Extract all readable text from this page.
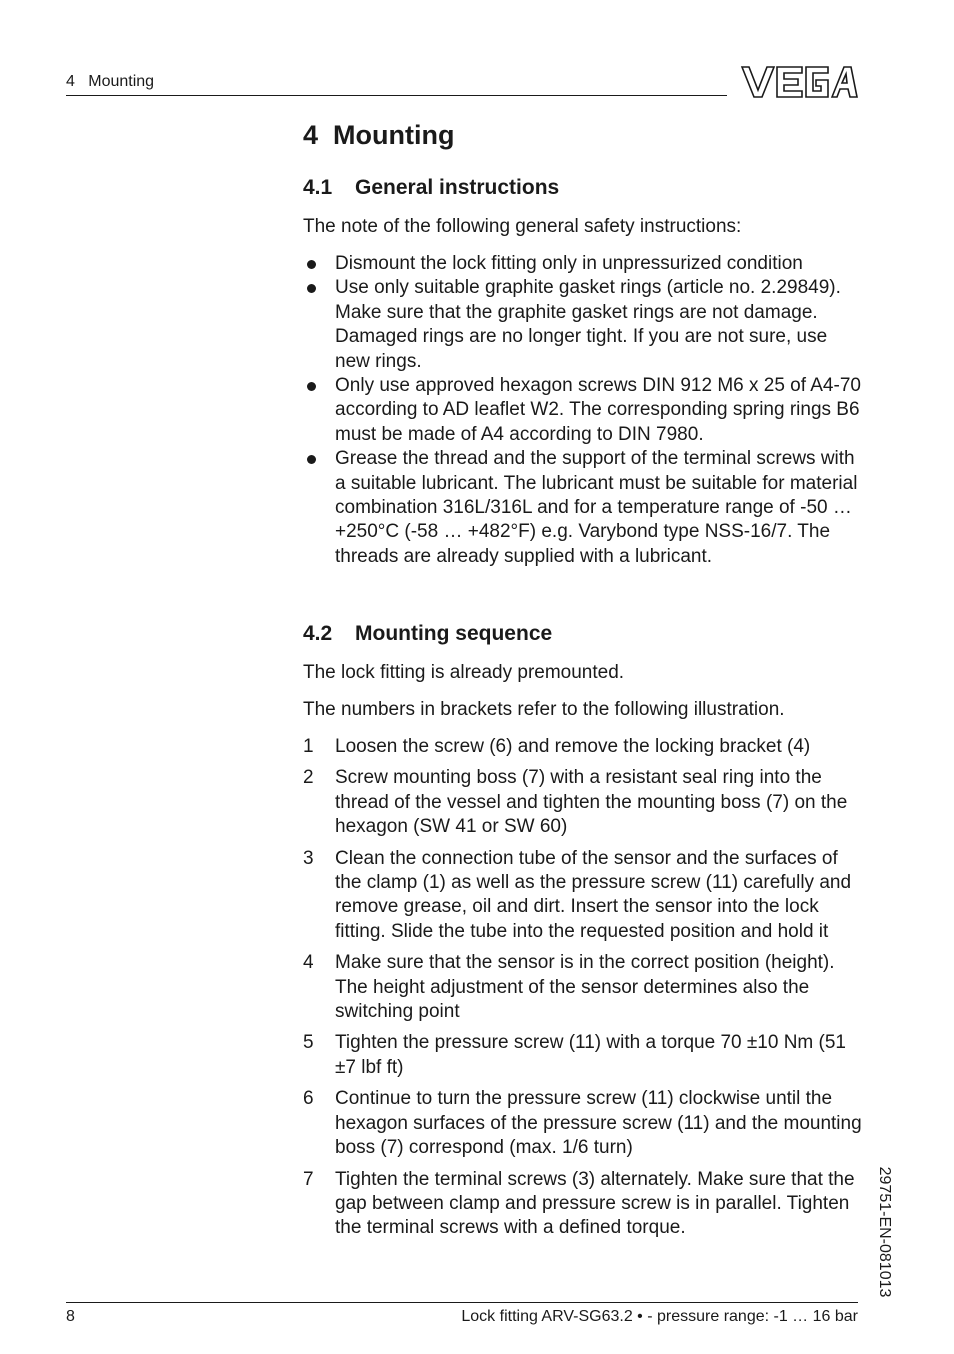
4   Mounting
4  Mounting
4.1 General instructions
The note of the following general safety instructions:
Dismount the lock fitting only in unpressurized condition
Use only suitable graphite gasket rings (article no. 2.29849). Make sure that the graphite gasket rings are not damage. Damaged rings are no longer tight. If you are not sure, use new rings.
Only use approved hexagon screws DIN 912 M6 x 25 of A4-70 according to AD leaflet W2. The corresponding spring rings B6 must be made of A4 according to DIN 7980.
Grease the thread and the support of the terminal screws with a suitable lubricant. The lubricant must be suitable for material combination 316L/316L and for a temperature range of -50 … +250°C (-58 … +482°F) e.g. Varybond type NSS-16/7. The threads are already supplied with a lubricant.
4.2 Mounting sequence
The lock fitting is already premounted.
The numbers in brackets refer to the following illustration.
1 Loosen the screw (6) and remove the locking bracket (4)
2 Screw mounting boss (7) with a resistant seal ring into the thread of the vessel and tighten the mounting boss (7) on the hexagon (SW 41 or SW 60)
3 Clean the connection tube of the sensor and the surfaces of the clamp (1) as well as the pressure screw (11) carefully and remove grease, oil and dirt. Insert the sensor into the lock fitting. Slide the tube into the requested position and hold it
4 Make sure that the sensor is in the correct position (height). The height adjustment of the sensor determines also the switching point
5 Tighten the pressure screw (11) with a torque 70 ±10 Nm (51 ±7 lbf ft)
6 Continue to turn the pressure screw (11) clockwise until the hexagon surfaces of the pressure screw (11) and the mounting boss (7) correspond (max. 1/6 turn)
7 Tighten the terminal screws (3) alternately. Make sure that the gap between clamp and pressure screw is in parallel. Tighten the terminal screws with a defined torque.	29751-EN-081013
8	Lock fitting ARV-SG63.2 • - pressure range: -1 … 16 bar
